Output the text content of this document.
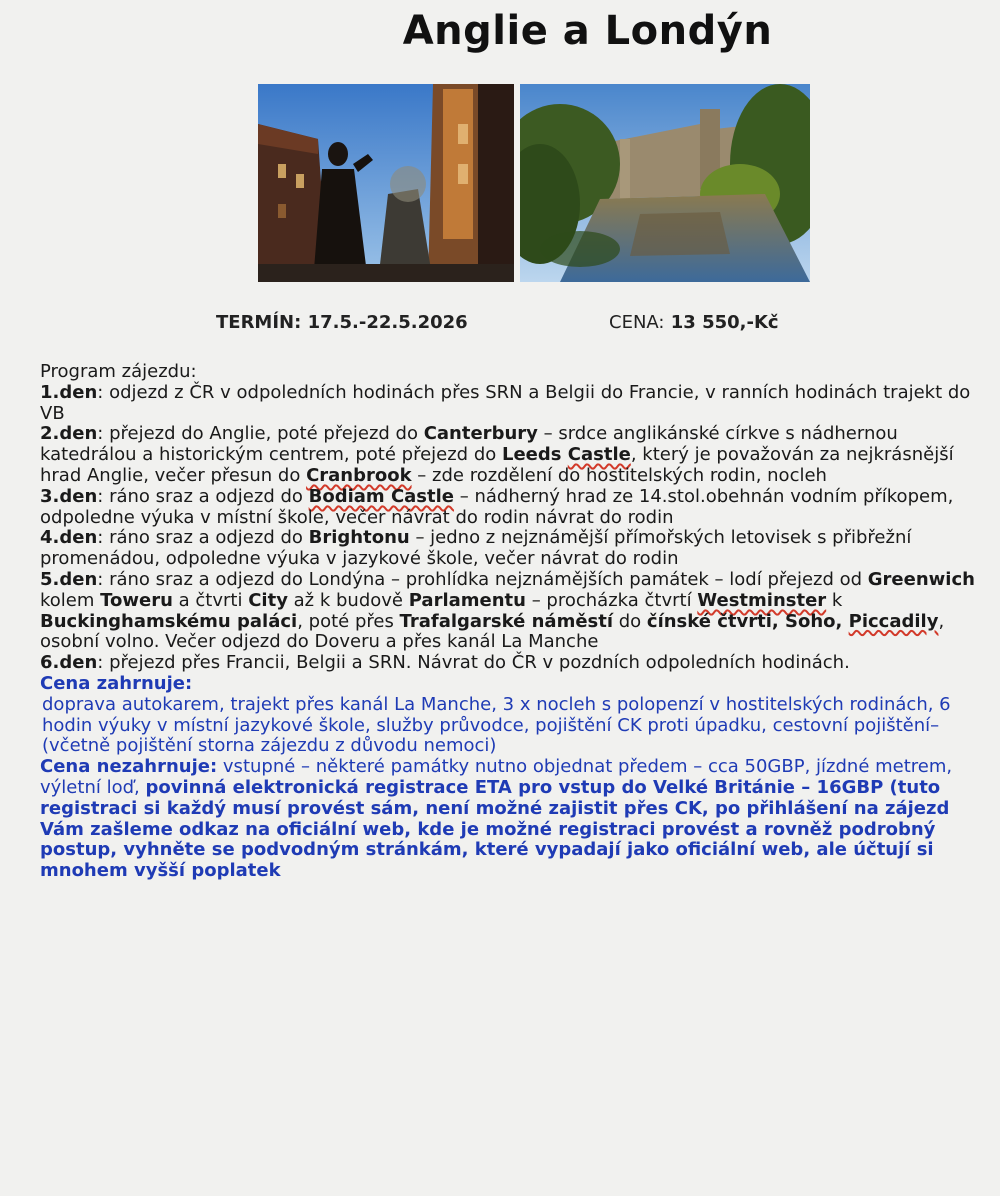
Anglie a Londýn
TERMÍN: 17.5.-22.5.2026	CENA: 13 550,-Kč

Program zájezdu:

1.den: odjezd z ČR v odpoledních hodinách přes SRN a Belgii do Francie, v ranních hodinách trajekt do VB

2.den: přejezd do Anglie, poté přejezd do Canterbury – srdce anglikánské církve s nádhernou katedrálou a historickým centrem, poté přejezd do Leeds Castle, který je považován za nejkrásnější hrad Anglie, večer přesun do Cranbrook – zde rozdělení do hostitelských rodin, nocleh

3.den: ráno sraz a odjezd do Bodiam Castle – nádherný hrad ze 14.stol.obehnán vodním příkopem, odpoledne výuka v místní škole, večer návrat do rodin návrat do rodin

4.den: ráno sraz a odjezd do Brightonu – jedno z nejznámější přímořských letovisek s přibřežní promenádou, odpoledne výuka v jazykové škole, večer návrat do rodin

5.den: ráno sraz a odjezd do Londýna – prohlídka nejznámějších památek – lodí přejezd od Greenwich kolem Toweru a čtvrti City až k budově Parlamentu – procházka čtvrtí Westminster k Buckinghamskému paláci, poté přes Trafalgarské náměstí do čínské čtvrti, Soho, Piccadily, osobní volno. Večer odjezd do Doveru a přes kanál La Manche

6.den: přejezd přes Francii, Belgii a SRN. Návrat do ČR v pozdních odpoledních hodinách.

Cena zahrnuje:

doprava autokarem, trajekt přes kanál La Manche, 3 x nocleh s polopenzí v hostitelských rodinách, 6 hodin výuky v místní jazykové škole, služby průvodce, pojištění CK proti úpadku, cestovní pojištění– (včetně pojištění storna zájezdu z důvodu nemoci)

Cena nezahrnuje: vstupné – některé památky nutno objednat předem – cca 50GBP, jízdné metrem, výletní loď, povinná elektronická registrace ETA pro vstup do Velké Británie – 16GBP (tuto registraci si každý musí provést sám, není možné zajistit přes CK, po přihlášení na zájezd Vám zašleme odkaz na oficiální web, kde je možné registraci provést a rovněž podrobný postup, vyhněte se podvodným stránkám, které vypadají jako oficiální web, ale účtují si mnohem vyšší poplatek
